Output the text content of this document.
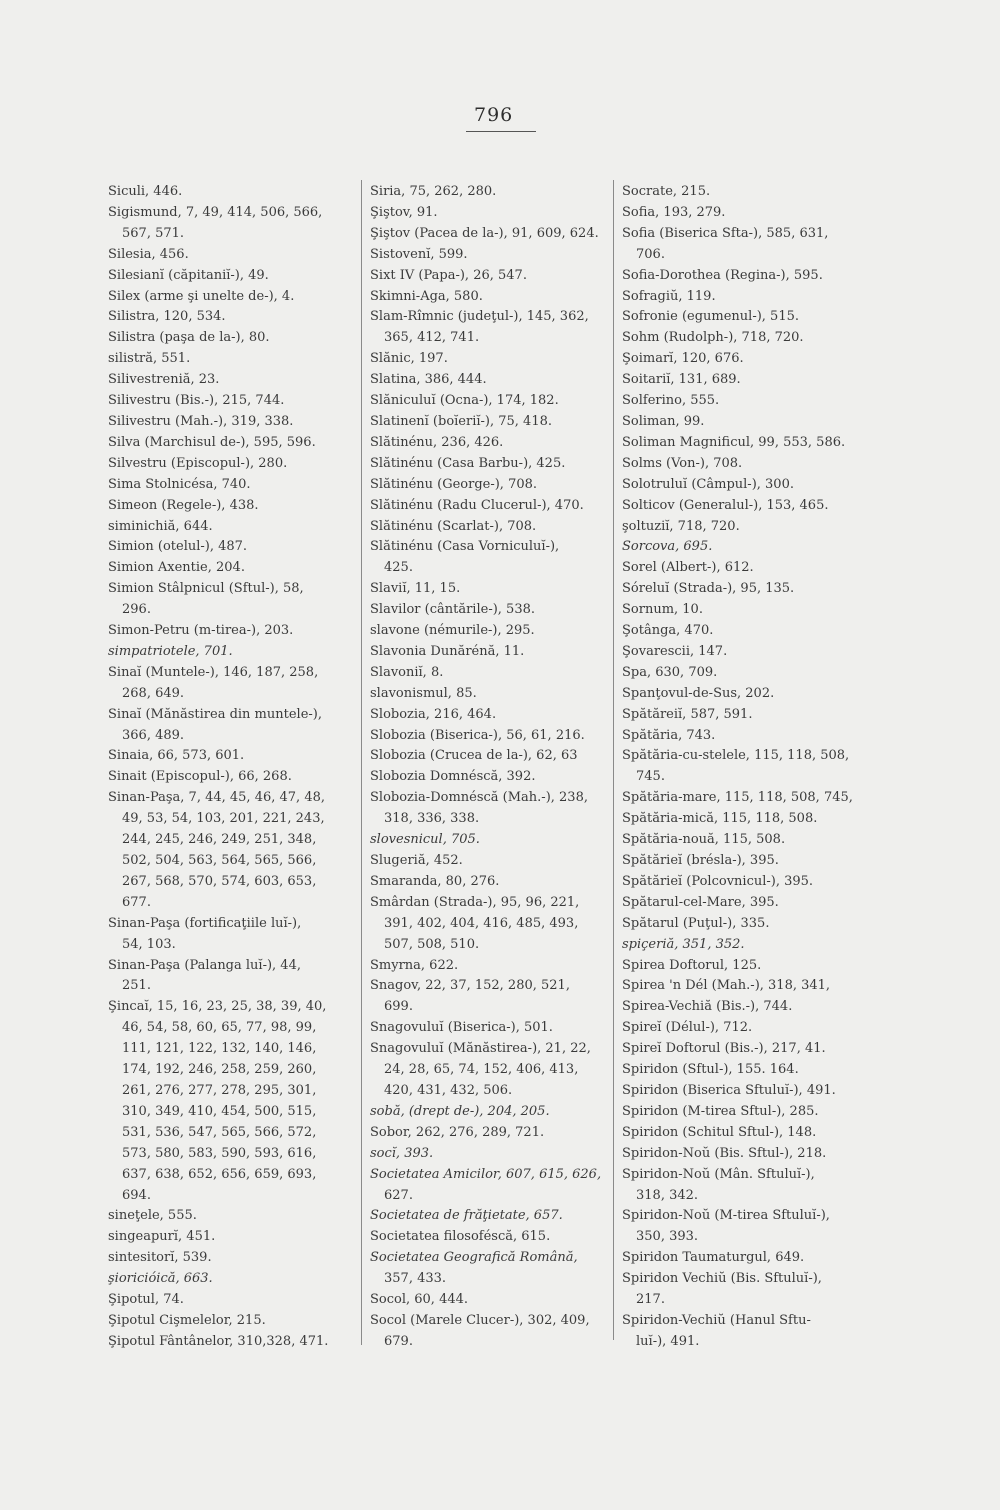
796
Siculi, 446.
Sigismund, 7, 49, 414, 506, 566,
567, 571.
Silesia, 456.
Silesianĭ (căpitaniĭ-), 49.
Silex (arme şi unelte de-), 4.
Silistra, 120, 534.
Silistra (paşa de la-), 80.
silistră, 551.
Silivestreniă, 23.
Silivestru (Bis.-), 215, 744.
Silivestru (Mah.-), 319, 338.
Silva (Marchisul de-), 595, 596.
Silvestru (Episcopul-), 280.
Sima Stolnicésa, 740.
Simeon (Regele-), 438.
siminichiă, 644.
Simion (otelul-), 487.
Simion Axentie, 204.
Simion Stâlpnicul (Sftul-), 58,
296.
Simon-Petru (m-tirea-), 203.
simpatriotele, 701.
Sinaĭ (Muntele-), 146, 187, 258,
268, 649.
Sinaĭ (Mănăstirea din muntele-),
366, 489.
Sinaia, 66, 573, 601.
Sinait (Episcopul-), 66, 268.
Sinan-Paşa, 7, 44, 45, 46, 47, 48,
49, 53, 54, 103, 201, 221, 243,
244, 245, 246, 249, 251, 348,
502, 504, 563, 564, 565, 566,
267, 568, 570, 574, 603, 653,
677.
Sinan-Paşa (fortificaţiile luĭ-),
54, 103.
Sinan-Paşa (Palanga luĭ-), 44,
251.
Şincaĭ, 15, 16, 23, 25, 38, 39, 40,
46, 54, 58, 60, 65, 77, 98, 99,
111, 121, 122, 132, 140, 146,
174, 192, 246, 258, 259, 260,
261, 276, 277, 278, 295, 301,
310, 349, 410, 454, 500, 515,
531, 536, 547, 565, 566, 572,
573, 580, 583, 590, 593, 616,
637, 638, 652, 656, 659, 693,
694.
sineţele, 555.
singeapurĭ, 451.
sintesitorĭ, 539.
şioricióică, 663.
Şipotul, 74.
Şipotul Cişmelelor, 215.
Şipotul Fântânelor, 310,328, 471.
Siria, 75, 262, 280.
Şiştov, 91.
Şiştov (Pacea de la-), 91, 609, 624.
Sistovenĭ, 599.
Sixt IV (Papa-), 26, 547.
Skimni-Aga, 580.
Slam-Rîmnic (judeţul-), 145, 362,
365, 412, 741.
Slănic, 197.
Slatina, 386, 444.
Slăniculuĭ (Ocna-), 174, 182.
Slatinenĭ (boĭeriĭ-), 75, 418.
Slătinénu, 236, 426.
Slătinénu (Casa Barbu-), 425.
Slătinénu (George-), 708.
Slătinénu (Radu Clucerul-), 470.
Slătinénu (Scarlat-), 708.
Slătinénu (Casa Vorniculuĭ-),
425.
Slaviĭ, 11, 15.
Slavilor (cântările-), 538.
slavone (némurile-), 295.
Slavonia Dunărénă, 11.
Slavoniĭ, 8.
slavonismul, 85.
Slobozia, 216, 464.
Slobozia (Biserica-), 56, 61, 216.
Slobozia (Crucea de la-), 62, 63
Slobozia Domnéscă, 392.
Slobozia-Domnéscă (Mah.-), 238,
318, 336, 338.
slovesnicul, 705.
Slugeriă, 452.
Smaranda, 80, 276.
Smârdan (Strada-), 95, 96, 221,
391, 402, 404, 416, 485, 493,
507, 508, 510.
Smyrna, 622.
Snagov, 22, 37, 152, 280, 521,
699.
Snagovuluĭ (Biserica-), 501.
Snagovuluĭ (Mănăstirea-), 21, 22,
24, 28, 65, 74, 152, 406, 413,
420, 431, 432, 506.
sobă, (drept de-), 204, 205.
Sobor, 262, 276, 289, 721.
socĭ, 393.
Societatea Amicilor, 607, 615, 626,
627.
Societatea de frăţietate, 657.
Societatea filosoféscă, 615.
Societatea Geografică Română,
357, 433.
Socol, 60, 444.
Socol (Marele Clucer-), 302, 409,
679.
Socrate, 215.
Sofia, 193, 279.
Sofia (Biserica Sfta-), 585, 631,
706.
Sofia-Dorothea (Regina-), 595.
Sofragiŭ, 119.
Sofronie (egumenul-), 515.
Sohm (Rudolph-), 718, 720.
Şoimarĭ, 120, 676.
Soitariĭ, 131, 689.
Solferino, 555.
Soliman, 99.
Soliman Magnificul, 99, 553, 586.
Solms (Von-), 708.
Solotruluĭ (Câmpul-), 300.
Solticov (Generalul-), 153, 465.
şoltuziĭ, 718, 720.
Sorcova, 695.
Sorel (Albert-), 612.
Sóreluĭ (Strada-), 95, 135.
Sornum, 10.
Şotânga, 470.
Şovarescii, 147.
Spa, 630, 709.
Spanţovul-de-Sus, 202.
Spătăreiĭ, 587, 591.
Spătăria, 743.
Spătăria-cu-stelele, 115, 118, 508,
745.
Spătăria-mare, 115, 118, 508, 745,
Spătăria-mică, 115, 118, 508.
Spătăria-nouă, 115, 508.
Spătărieĭ (brésla-), 395.
Spătărieĭ (Polcovnicul-), 395.
Spătarul-cel-Mare, 395.
Spătarul (Puţul-), 335.
spiçeriă, 351, 352.
Spirea Doftorul, 125.
Spirea 'n Dél (Mah.-), 318, 341,
Spirea-Vechiă (Bis.-), 744.
Spireĭ (Délul-), 712.
Spireĭ Doftorul (Bis.-), 217, 41.
Spiridon (Sftul-), 155. 164.
Spiridon (Biserica Sftuluĭ-), 491.
Spiridon (M-tirea Sftul-), 285.
Spiridon (Schitul Sftul-), 148.
Spiridon-Noŭ (Bis. Sftul-), 218.
Spiridon-Noŭ (Mân. Sftuluĭ-),
318, 342.
Spiridon-Noŭ (M-tirea Sftuluĭ-),
350, 393.
Spiridon Taumaturgul, 649.
Spiridon Vechiŭ (Bis. Sftuluĭ-),
217.
Spiridon-Vechiŭ (Hanul Sftu-
luĭ-), 491.
